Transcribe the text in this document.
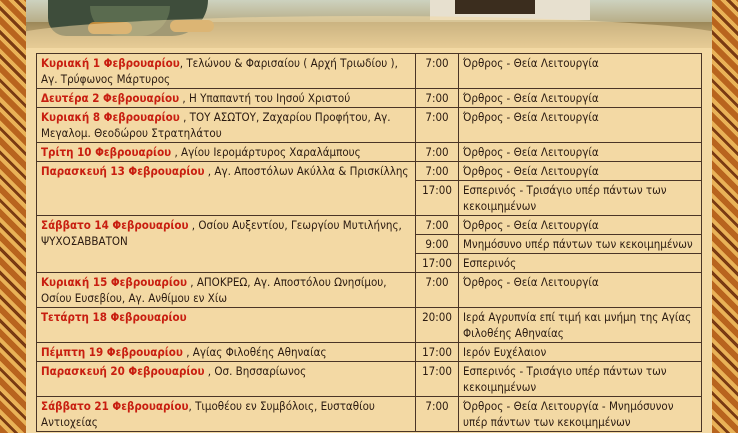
Κυριακή 1 Φεβρουαρίου, Τελώνου & Φαρισαίου ( Αρχή Τριωδίου ), Αγ. Τρύφωνος Μάρτυρος	7:00	Όρθρος - Θεία Λειτουργία
Δευτέρα 2 Φεβρουαρίου , Η Υπαπαντή του Ιησού Χριστού	7:00	Όρθρος - Θεία Λειτουργία
Κυριακή 8 Φεβρουαρίου , ΤΟΥ ΑΣΩΤΟΥ, Ζαχαρίου Προφήτου, Αγ. Μεγαλομ. Θεοδώρου Στρατηλάτου	7:00	Όρθρος - Θεία Λειτουργία
Τρίτη 10 Φεβρουαρίου , Αγίου Ιερομάρτυρος Χαραλάμπους	7:00	Όρθρος - Θεία Λειτουργία
Παρασκευή 13 Φεβρουαρίου , Αγ. Αποστόλων Ακύλλα & Πρισκίλλης	7:00	Όρθρος - Θεία Λειτουργία
	17:00	Εσπερινός - Τρισάγιο υπέρ πάντων των κεκοιμημένων
Σάββατο 14 Φεβρουαρίου , Οσίου Αυξεντίου, Γεωργίου Μυτιλήνης, ΨΥΧΟΣΑΒΒΑΤΟΝ	7:00	Όρθρος - Θεία Λειτουργία
	9:00	Μνημόσυνο υπέρ πάντων των κεκοιμημένων
	17:00	Εσπερινός
Κυριακή 15 Φεβρουαρίου , ΑΠΟΚΡΕΩ, Αγ. Αποστόλου Ωνησίμου, Οσίου Ευσεβίου, Αγ. Ανθίμου εν Χίω	7:00	Όρθρος - Θεία Λειτουργία
Τετάρτη 18 Φεβρουαρίου	20:00	Ιερά Αγρυπνία επί τιμή και μνήμη της Αγίας Φιλοθέης Αθηναίας
Πέμπτη 19 Φεβρουαρίου , Αγίας Φιλοθέης Αθηναίας	17:00	Ιερόν Ευχέλαιον
Παρασκευή 20 Φεβρουαρίου , Οσ. Βησσαρίωνος	17:00	Εσπερινός - Τρισάγιο υπέρ πάντων των κεκοιμημένων
Σάββατο 21 Φεβρουαρίου, Τιμοθέου εν Συμβόλοις, Ευσταθίου Αντιοχείας	7:00	Όρθρος - Θεία Λειτουργία - Μνημόσυνον υπέρ πάντων των κεκοιμημένων
